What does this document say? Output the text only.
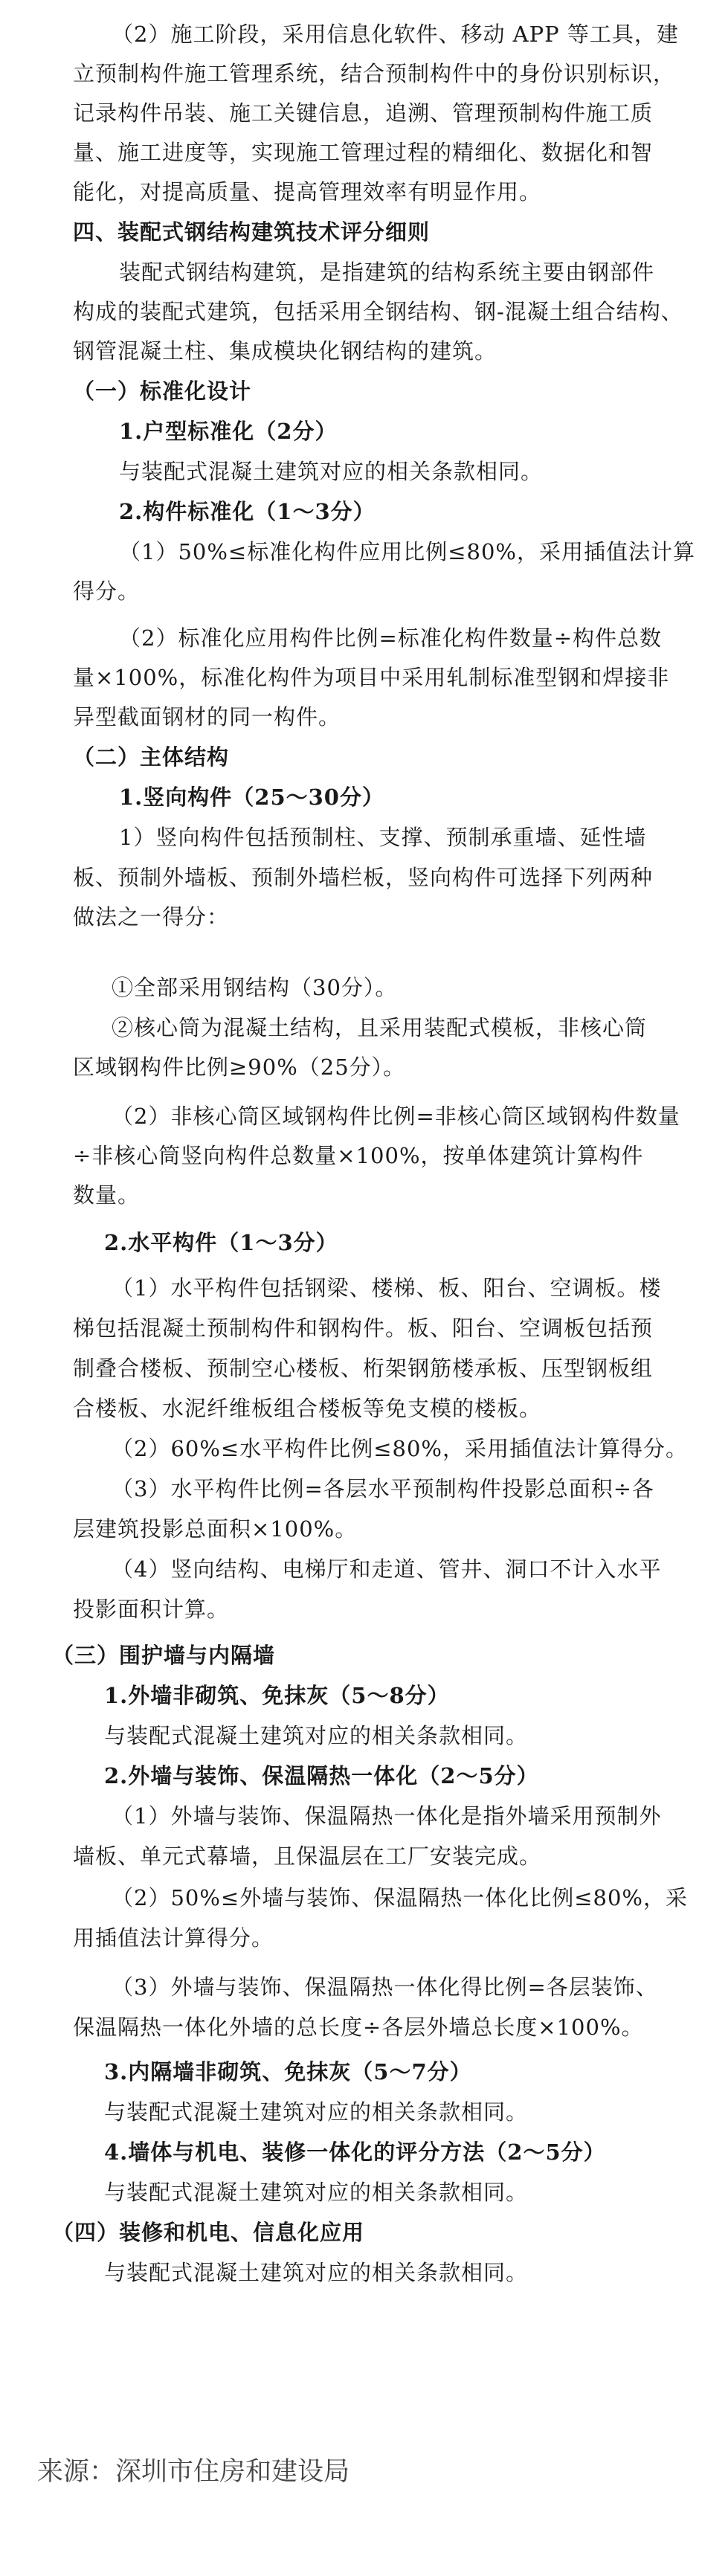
（2）施工阶段，采用信息化软件、移动 APP 等工具，建
立预制构件施工管理系统，结合预制构件中的身份识别标识，
记录构件吊装、施工关键信息，追溯、管理预制构件施工质
量、施工进度等，实现施工管理过程的精细化、数据化和智
能化，对提高质量、提高管理效率有明显作用。
四、装配式钢结构建筑技术评分细则
装配式钢结构建筑，是指建筑的结构系统主要由钢部件
构成的装配式建筑，包括采用全钢结构、钢-混凝土组合结构、
钢管混凝土柱、集成模块化钢结构的建筑。
（一）标准化设计
1.户型标准化（2分）
与装配式混凝土建筑对应的相关条款相同。
2.构件标准化（1～3分）
（1）50%≤标准化构件应用比例≤80%，采用插值法计算
得分。
（2）标准化应用构件比例=标准化构件数量÷构件总数
量×100%，标准化构件为项目中采用轧制标准型钢和焊接非
异型截面钢材的同一构件。
（二）主体结构
1.竖向构件（25～30分）
1）竖向构件包括预制柱、支撑、预制承重墙、延性墙
板、预制外墙板、预制外墙栏板，竖向构件可选择下列两种
做法之一得分：
①全部采用钢结构（30分）。
②核心筒为混凝土结构，且采用装配式模板，非核心筒
区域钢构件比例≥90%（25分）。
（2）非核心筒区域钢构件比例=非核心筒区域钢构件数量
÷非核心筒竖向构件总数量×100%，按单体建筑计算构件
数量。
2.水平构件（1～3分）
（1）水平构件包括钢梁、楼梯、板、阳台、空调板。楼
梯包括混凝土预制构件和钢构件。板、阳台、空调板包括预
制叠合楼板、预制空心楼板、桁架钢筋楼承板、压型钢板组
合楼板、水泥纤维板组合楼板等免支模的楼板。
（2）60%≤水平构件比例≤80%，采用插值法计算得分。
（3）水平构件比例=各层水平预制构件投影总面积÷各
层建筑投影总面积×100%。
（4）竖向结构、电梯厅和走道、管井、洞口不计入水平
投影面积计算。
（三）围护墙与内隔墙
1.外墙非砌筑、免抹灰（5～8分）
与装配式混凝土建筑对应的相关条款相同。
2.外墙与装饰、保温隔热一体化（2～5分）
（1）外墙与装饰、保温隔热一体化是指外墙采用预制外
墙板、单元式幕墙，且保温层在工厂安装完成。
（2）50%≤外墙与装饰、保温隔热一体化比例≤80%，采
用插值法计算得分。
（3）外墙与装饰、保温隔热一体化得比例=各层装饰、
保温隔热一体化外墙的总长度÷各层外墙总长度×100%。
3.内隔墙非砌筑、免抹灰（5～7分）
与装配式混凝土建筑对应的相关条款相同。
4.墙体与机电、装修一体化的评分方法（2～5分）
与装配式混凝土建筑对应的相关条款相同。
（四）装修和机电、信息化应用
与装配式混凝土建筑对应的相关条款相同。
来源：深圳市住房和建设局
